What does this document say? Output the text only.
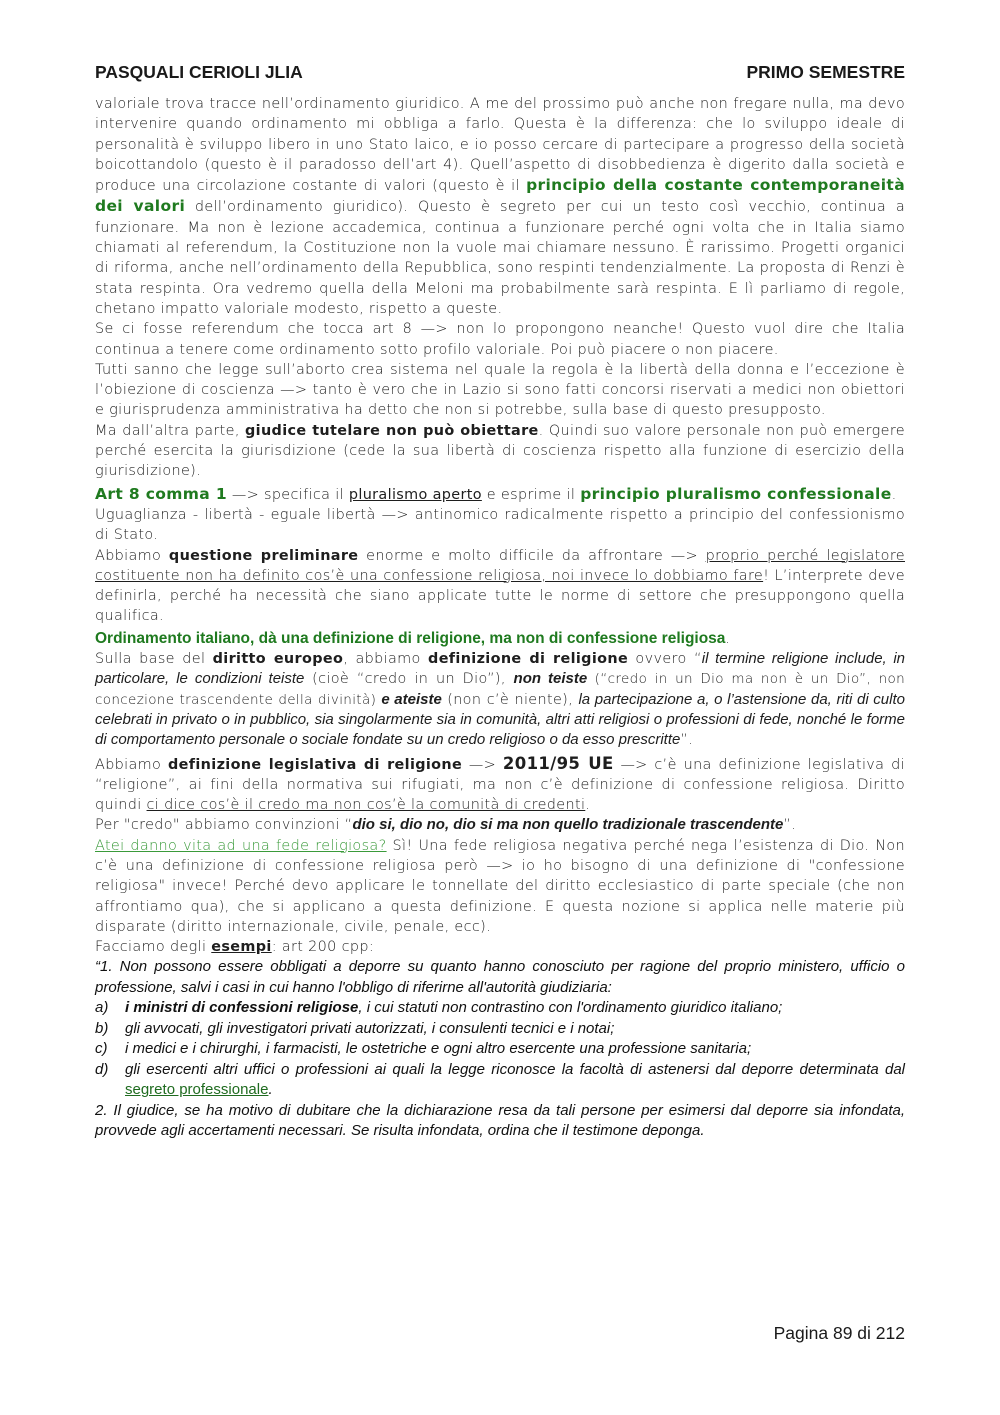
PASQUALI CERIOLI JLIA	PRIMO SEMESTRE

valoriale trova tracce nell’ordinamento giuridico. A me del prossimo può anche non fregare nulla, ma devo intervenire quando ordinamento mi obbliga a farlo. Questa è la differenza: che lo sviluppo ideale di personalità è sviluppo libero in uno Stato laico, e io posso cercare di partecipare a progresso della società boicottandolo (questo è il paradosso dell’art 4). Quell’aspetto di disobbedienza è digerito dalla società e produce una circolazione costante di valori (questo è il principio della costante contemporaneità dei valori dell’ordinamento giuridico). Questo è segreto per cui un testo così vecchio, continua a funzionare. Ma non è lezione accademica, continua a funzionare perché ogni volta che in Italia siamo chiamati al referendum, la Costituzione non la vuole mai chiamare nessuno. È rarissimo. Progetti organici di riforma, anche nell’ordinamento della Repubblica, sono respinti tendenzialmente. La proposta di Renzi è stata respinta. Ora vedremo quella della Meloni ma probabilmente sarà respinta. E lì parliamo di regole, chetano impatto valoriale modesto, rispetto a queste.

Se ci fosse referendum che tocca art 8 —> non lo propongono neanche! Questo vuol dire che Italia continua a tenere come ordinamento sotto profilo valoriale. Poi può piacere o non piacere.

Tutti sanno che legge sull’aborto crea sistema nel quale la regola è la libertà della donna e l’eccezione è l’obiezione di coscienza —> tanto è vero che in Lazio si sono fatti concorsi riservati a medici non obiettori e giurisprudenza amministrativa ha detto che non si potrebbe, sulla base di questo presupposto.

Ma dall’altra parte, giudice tutelare non può obiettare. Quindi suo valore personale non può emergere perché esercita la giurisdizione (cede la sua libertà di coscienza rispetto alla funzione di esercizio della giurisdizione).

Art 8 comma 1 —> specifica il pluralismo aperto e esprime il principio pluralismo confessionale.

Uguaglianza - libertà - eguale libertà —> antinomico radicalmente rispetto a principio del confessionismo di Stato.

Abbiamo questione preliminare enorme e molto difficile da affrontare —> proprio perché legislatore costituente non ha definito cos’è una confessione religiosa, noi invece lo dobbiamo fare! L’interprete deve definirla, perché ha necessità che siano applicate tutte le norme di settore che presuppongono quella qualifica.

Ordinamento italiano, dà una definizione di religione, ma non di confessione religiosa.

Sulla base del diritto europeo, abbiamo definizione di religione ovvero “il termine religione include, in particolare, le condizioni teiste (cioè “credo in un Dio”), non teiste (“credo in un Dio ma non è un Dio”, non concezione trascendente della divinità) e ateiste (non c’è niente), la partecipazione a, o l’astensione da, riti di culto celebrati in privato o in pubblico, sia singolarmente sia in comunità, altri atti religiosi o professioni di fede, nonché le forme di comportamento personale o sociale fondate su un credo religioso o da esso prescritte”.

Abbiamo definizione legislativa di religione —> 2011/95 UE —> c’è una definizione legislativa di “religione”, ai fini della normativa sui rifugiati, ma non c’è definizione di confessione religiosa. Diritto quindi ci dice cos’è il credo ma non cos’è la comunità di credenti.

Per "credo" abbiamo convinzioni “dio si, dio no, dio si ma non quello tradizionale trascendente”.

Atei danno vita ad una fede religiosa? Sì! Una fede religiosa negativa perché nega l’esistenza di Dio. Non c’è una definizione di confessione religiosa però —> io ho bisogno di una definizione di "confessione religiosa" invece! Perché devo applicare le tonnellate del diritto ecclesiastico di parte speciale (che non affrontiamo qua), che si applicano a questa definizione. E questa nozione si applica nelle materie più disparate (diritto internazionale, civile, penale, ecc).

Facciamo degli esempi: art 200 cpp:

“1. Non possono essere obbligati a deporre su quanto hanno conosciuto per ragione del proprio ministero, ufficio o professione, salvi i casi in cui hanno l'obbligo di riferirne all'autorità giudiziaria:

a)	i ministri di confessioni religiose, i cui statuti non contrastino con l'ordinamento giuridico italiano;
b)	gli avvocati, gli investigatori privati autorizzati, i consulenti tecnici e i notai;
c)	i medici e i chirurghi, i farmacisti, le ostetriche e ogni altro esercente una professione sanitaria;
d)	gli esercenti altri uffici o professioni ai quali la legge riconosce la facoltà di astenersi dal deporre determinata dal segreto professionale.

2. Il giudice, se ha motivo di dubitare che la dichiarazione resa da tali persone per esimersi dal deporre sia infondata, provvede agli accertamenti necessari. Se risulta infondata, ordina che il testimone deponga.

Pagina 89 di 212
